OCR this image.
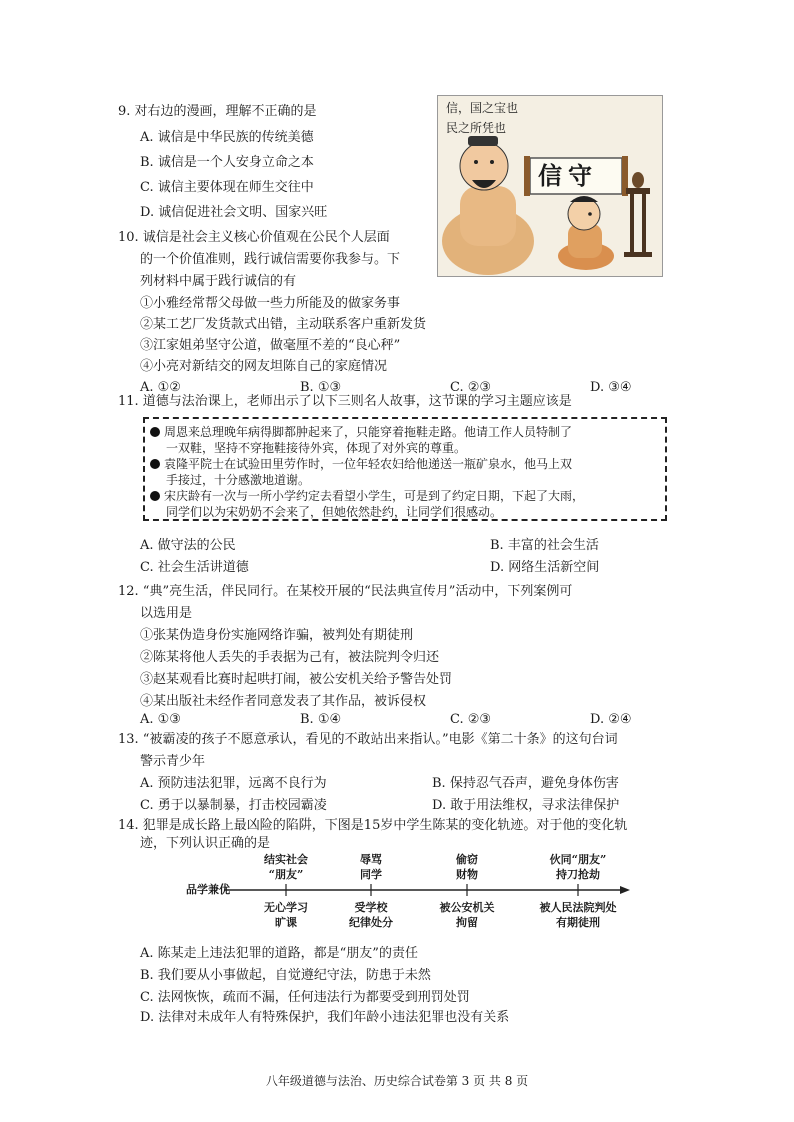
9. 对右边的漫画，理解不正确的是
A. 诚信是中华民族的传统美德
B. 诚信是一个人安身立命之本
C. 诚信主要体现在师生交往中
D. 诚信促进社会文明、国家兴旺
信，国之宝也
民之所凭也
信守
10. 诚信是社会主义核心价值观在公民个人层面
的一个价值准则，践行诚信需要你我参与。下
列材料中属于践行诚信的有
①小雅经常帮父母做一些力所能及的做家务事
②某工艺厂发货款式出错，主动联系客户重新发货
③江家姐弟坚守公道，做毫厘不差的“良心秤”
④小亮对新结交的网友坦陈自己的家庭情况
A. ①②	B. ①③	C. ②③	D. ③④
11. 道德与法治课上，老师出示了以下三则名人故事，这节课的学习主题应该是
周恩来总理晚年病得脚都肿起来了，只能穿着拖鞋走路。他请工作人员特制了
一双鞋，坚持不穿拖鞋接待外宾，体现了对外宾的尊重。
袁隆平院士在试验田里劳作时，一位年轻农妇给他递送一瓶矿泉水，他马上双
手接过，十分感激地道谢。
宋庆龄有一次与一所小学约定去看望小学生，可是到了约定日期，下起了大雨，
同学们以为宋奶奶不会来了，但她依然赴约，让同学们很感动。
A. 做守法的公民	B. 丰富的社会生活
C. 社会生活讲道德	D. 网络生活新空间
12. “典”亮生活，伴民同行。在某校开展的“民法典宣传月”活动中，下列案例可
以选用是
①张某伪造身份实施网络诈骗，被判处有期徒刑
②陈某将他人丢失的手表据为己有，被法院判令归还
③赵某观看比赛时起哄打闹，被公安机关给予警告处罚
④某出版社未经作者同意发表了其作品，被诉侵权
A. ①③	B. ①④	C. ②③	D. ②④
13. “被霸凌的孩子不愿意承认，看见的不敢站出来指认。”电影《第二十条》的这句台词
警示青少年
A. 预防违法犯罪，远离不良行为	B. 保持忍气吞声，避免身体伤害
C. 勇于以暴制暴，打击校园霸凌	D. 敢于用法维权，寻求法律保护
14. 犯罪是成长路上最凶险的陷阱，下图是15岁中学生陈某的变化轨迹。对于他的变化轨
迹，下列认识正确的是
品学兼优
结实社会
“朋友”
辱骂
同学
偷窃
财物
伙同“朋友”
持刀抢劫
无心学习
旷课
受学校
纪律处分
被公安机关
拘留
被人民法院判处
有期徒刑
A. 陈某走上违法犯罪的道路，都是“朋友”的责任
B. 我们要从小事做起，自觉遵纪守法，防患于未然
C. 法网恢恢，疏而不漏，任何违法行为都要受到刑罚处罚
D. 法律对未成年人有特殊保护，我们年龄小违法犯罪也没有关系
八年级道德与法治、历史综合试卷第 3 页 共 8 页
